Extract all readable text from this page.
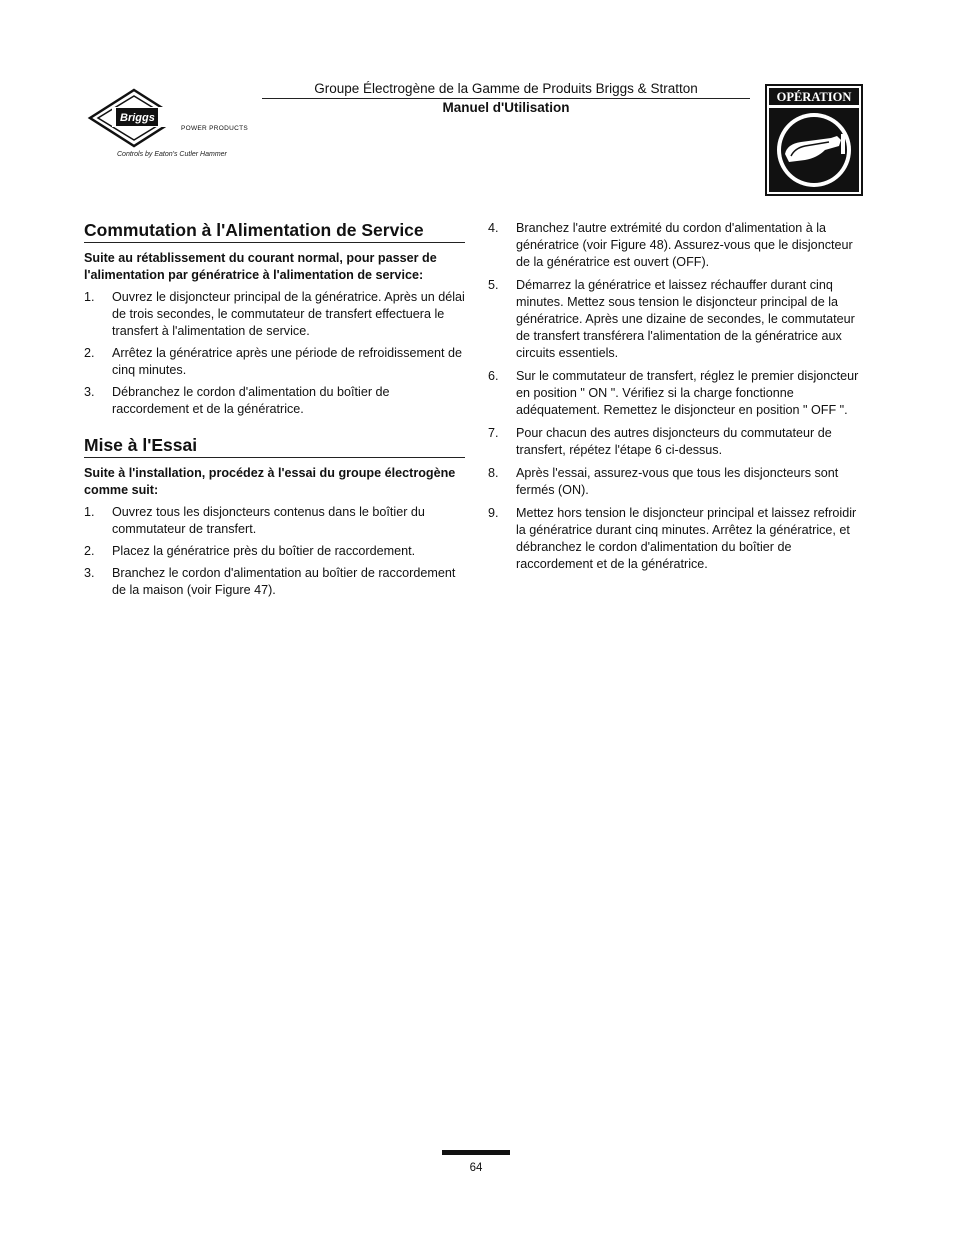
Briggs & Stratton
POWER PRODUCTS
Controls by Eaton's Cutler Hammer
Groupe Électrogène de la Gamme de Produits Briggs & Stratton
Manuel d'Utilisation
OPÉRATION
Commutation à l'Alimentation de Service

Suite au rétablissement du courant normal, pour passer de l'alimentation par génératrice à l'alimentation de service:

1. Ouvrez le disjoncteur principal de la génératrice. Après un délai de trois secondes, le commutateur de transfert effectuera le transfert à l'alimentation de service.
2. Arrêtez la génératrice après une période de refroidissement de cinq minutes.
3. Débranchez le cordon d'alimentation du boîtier de raccordement et de la génératrice.
Mise à l'Essai

Suite à l'installation, procédez à l'essai du groupe électrogène comme suit:

1. Ouvrez tous les disjoncteurs contenus dans le boîtier du commutateur de transfert.
2. Placez la génératrice près du boîtier de raccordement.
3. Branchez le cordon d'alimentation au boîtier de raccordement de la maison (voir Figure 47).
4. Branchez l'autre extrémité du cordon d'alimentation à la génératrice (voir Figure 48). Assurez-vous que le disjoncteur de la génératrice est ouvert (OFF).
5. Démarrez la génératrice et laissez réchauffer durant cinq minutes. Mettez sous tension le disjoncteur principal de la génératrice. Après une dizaine de secondes, le commutateur de transfert transférera l'alimentation de la génératrice aux circuits essentiels.
6. Sur le commutateur de transfert, réglez le premier disjoncteur en position " ON ". Vérifiez si la charge fonctionne adéquatement. Remettez le disjoncteur en position " OFF ".
7. Pour chacun des autres disjoncteurs du commutateur de transfert, répétez l'étape 6 ci-dessus.
8. Après l'essai, assurez-vous que tous les disjoncteurs sont fermés (ON).
9. Mettez hors tension le disjoncteur principal et laissez refroidir la génératrice durant cinq minutes. Arrêtez la génératrice, et débranchez le cordon d'alimentation du boîtier de raccordement et de la génératrice.
64
